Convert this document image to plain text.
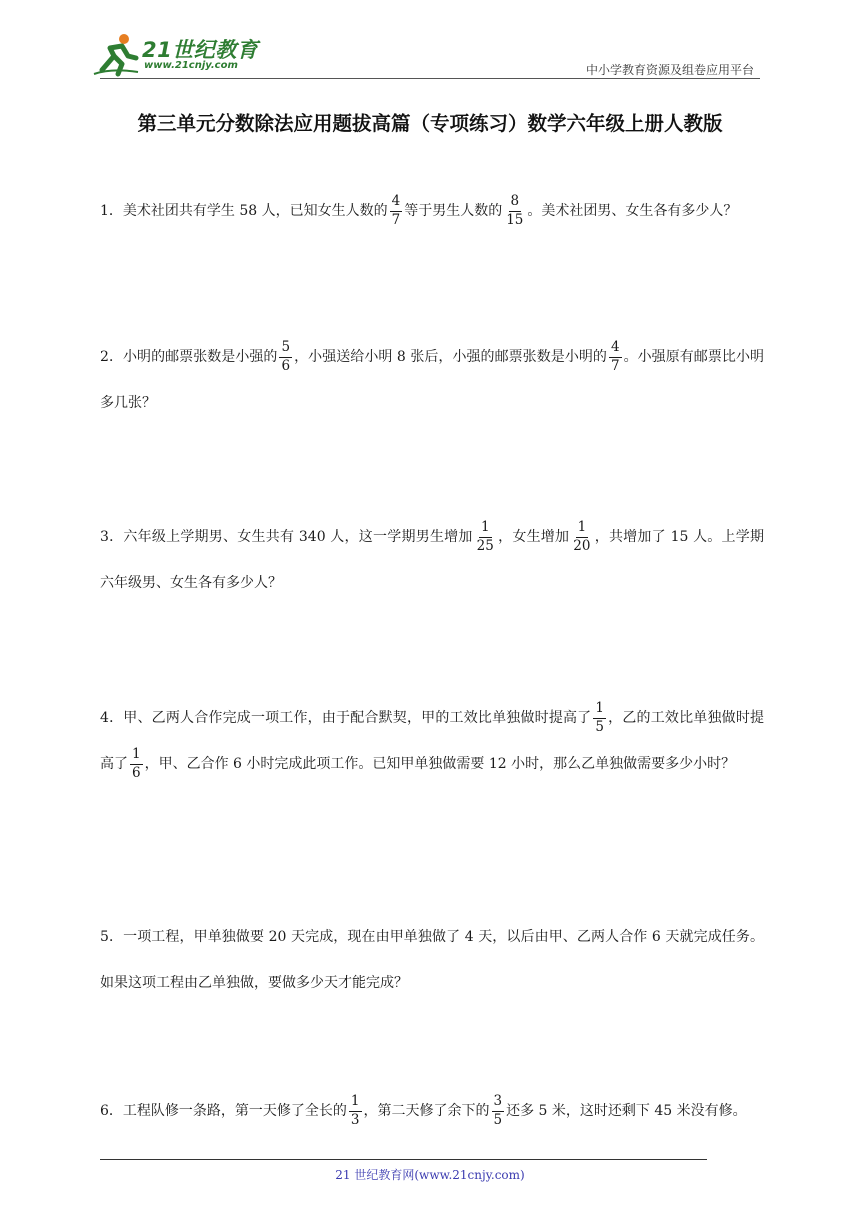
21世纪教育
www.21cnjy.com	中小学教育资源及组卷应用平台
第三单元分数除法应用题拔高篇（专项练习）数学六年级上册人教版
1．美术社团共有学生 58 人，已知女生人数的 $\frac{4}{7}$ 等于男生人数的 $\frac{8}{15}$ 。美术社团男、女生各有多少人？
2．小明的邮票张数是小强的 $\frac{5}{6}$ ，小强送给小明 8 张后，小强的邮票张数是小明的 $\frac{4}{7}$ 。小强原有邮票比小明多几张？
3．六年级上学期男、女生共有 340 人，这一学期男生增加 $\frac{1}{25}$ ，女生增加 $\frac{1}{20}$ ，共增加了 15 人。上学期六年级男、女生各有多少人？
4．甲、乙两人合作完成一项工作，由于配合默契，甲的工效比单独做时提高了 $\frac{1}{5}$ ，乙的工效比单独做时提高了 $\frac{1}{6}$ ，甲、乙合作 6 小时完成此项工作。已知甲单独做需要 12 小时，那么乙单独做需要多少小时？
5．一项工程，甲单独做要 20 天完成，现在由甲单独做了 4 天，以后由甲、乙两人合作 6 天就完成任务。如果这项工程由乙单独做，要做多少天才能完成？
6．工程队修一条路，第一天修了全长的 $\frac{1}{3}$ ，第二天修了余下的 $\frac{3}{5}$ 还多 5 米，这时还剩下 45 米没有修。
21 世纪教育网(www.21cnjy.com)
